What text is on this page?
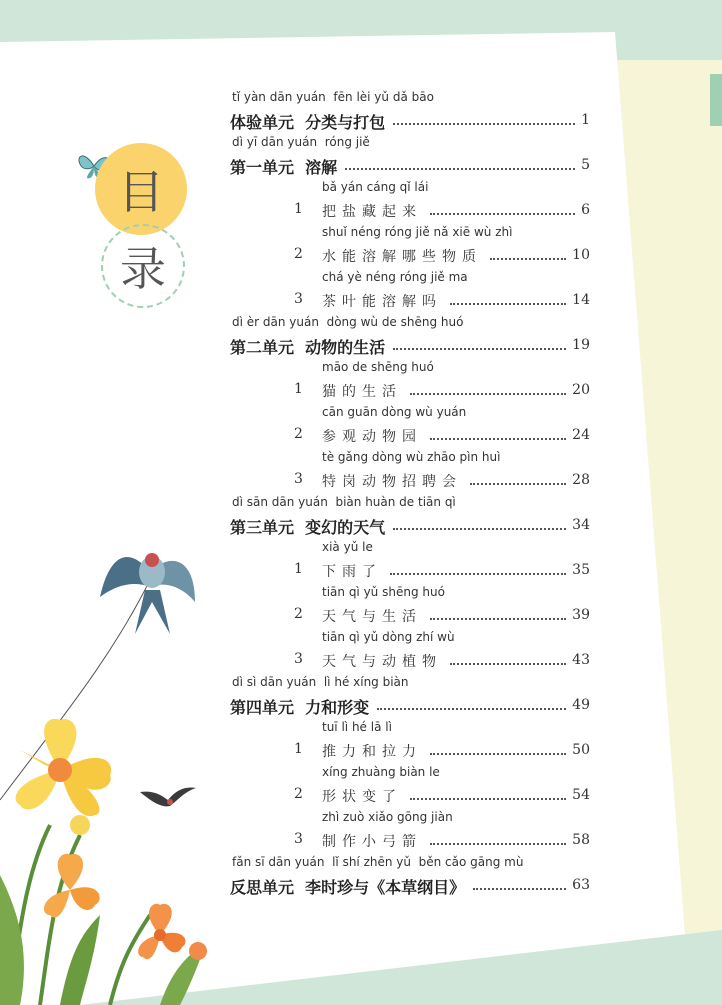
目
录
tǐ yàn dān yuán  fēn lèi yǔ dǎ bāo
体验单元  分类与打包	1
dì yī dān yuán  róng jiě
第一单元  溶解	5
bǎ yán cáng qǐ lái
1 把盐藏起来	6
shuǐ néng róng jiě nǎ xiē wù zhì
2 水能溶解哪些物质	10
chá yè néng róng jiě ma
3 茶叶能溶解吗	14
dì èr dān yuán  dòng wù de shēng huó
第二单元  动物的生活	19
māo de shēng huó
1 猫的生活	20
cān guān dòng wù yuán
2 参观动物园	24
tè gǎng dòng wù zhāo pìn huì
3 特岗动物招聘会	28
dì sān dān yuán  biàn huàn de tiān qì
第三单元  变幻的天气	34
xià yǔ le
1 下雨了	35
tiān qì yǔ shēng huó
2 天气与生活	39
tiān qì yǔ dòng zhí wù
3 天气与动植物	43
dì sì dān yuán  lì hé xíng biàn
第四单元  力和形变	49
tuī lì hé lā lì
1 推力和拉力	50
xíng zhuàng biàn le
2 形状变了	54
zhì zuò xiǎo gōng jiàn
3 制作小弓箭	58
fǎn sī dān yuán  lǐ shí zhēn yǔ  běn cǎo gāng mù
反思单元  李时珍与《本草纲目》	63
